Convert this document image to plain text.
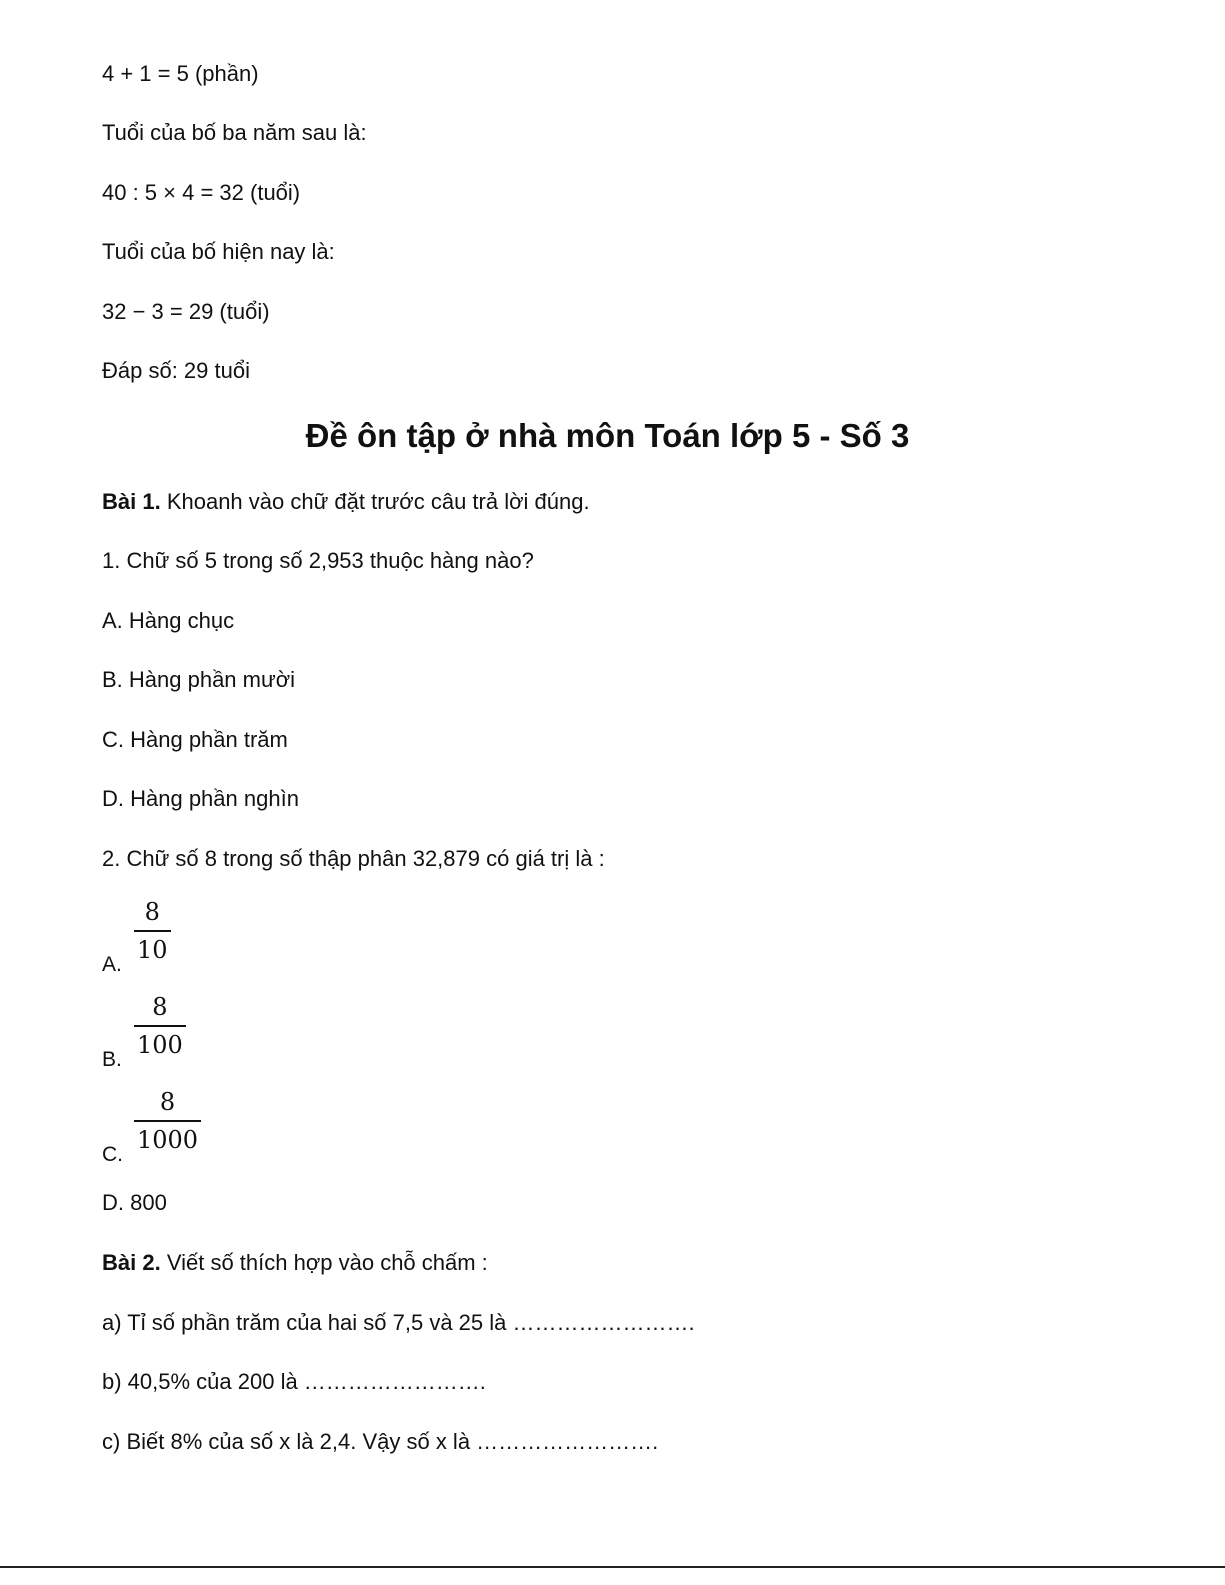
4 + 1 = 5 (phần)
Tuổi của bố ba năm sau là:
40 : 5 × 4 = 32 (tuổi)
Tuổi của bố hiện nay là:
32 − 3 = 29 (tuổi)
Đáp số: 29 tuổi
Đề ôn tập ở nhà môn Toán lớp 5 - Số 3
Bài 1. Khoanh vào chữ đặt trước câu trả lời đúng.
1. Chữ số 5 trong số 2,953 thuộc hàng nào?
A. Hàng chục
B. Hàng phần mười
C. Hàng phần trăm
D. Hàng phần nghìn
2. Chữ số 8 trong số thập phân 32,879 có giá trị là :
A.
8
10
B.
8
100
C.
8
1000
D. 800
Bài 2. Viết số thích hợp vào chỗ chấm :
a) Tỉ số phần trăm của hai số 7,5 và 25 là …………………….
b) 40,5% của 200 là …………………….
c) Biết 8% của số x là 2,4. Vậy số x là …………………….
